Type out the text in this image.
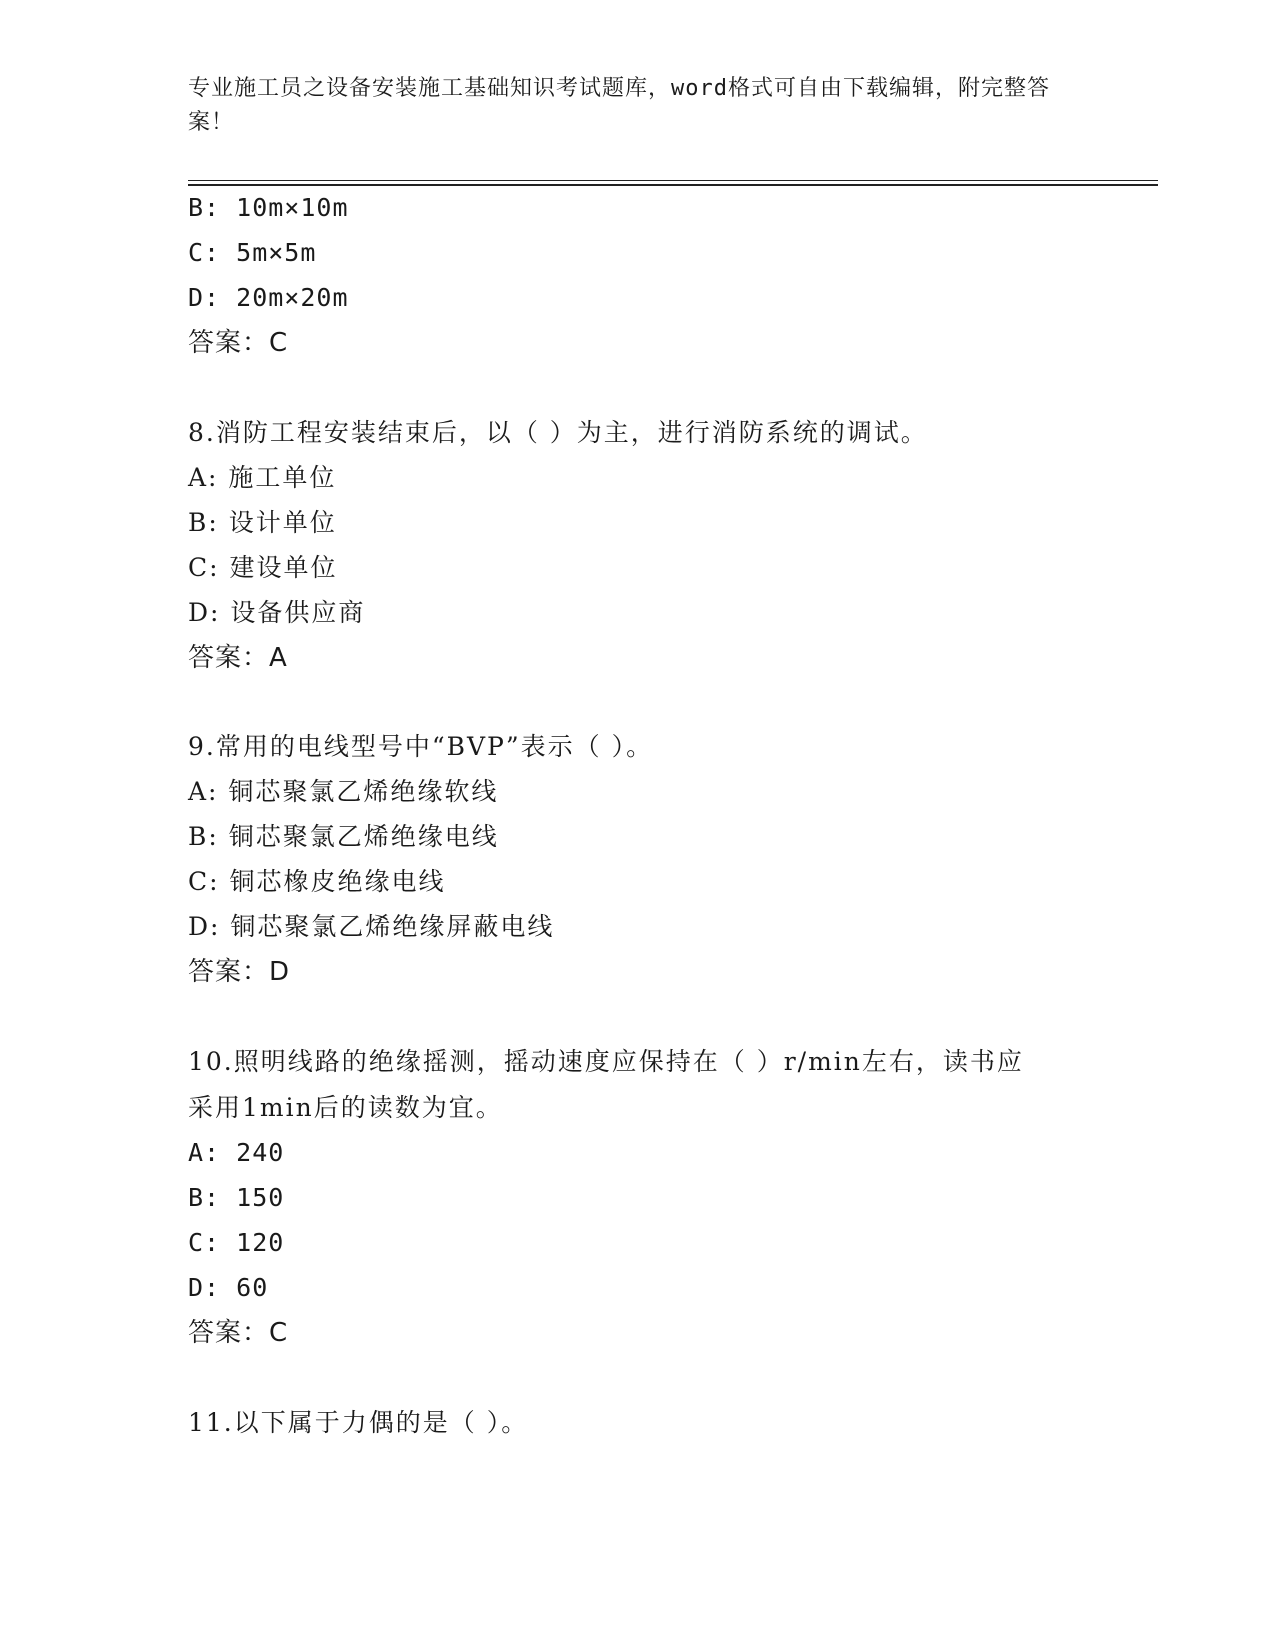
专业施工员之设备安装施工基础知识考试题库，word格式可自由下载编辑，附完整答案！
B: 10m×10m
C: 5m×5m
D: 20m×20m
答案：C
8.消防工程安装结束后，以（ ）为主，进行消防系统的调试。
A: 施工单位
B: 设计单位
C: 建设单位
D: 设备供应商
答案：A
9.常用的电线型号中“BVP”表示（ ）。
A: 铜芯聚氯乙烯绝缘软线
B: 铜芯聚氯乙烯绝缘电线
C: 铜芯橡皮绝缘电线
D: 铜芯聚氯乙烯绝缘屏蔽电线
答案：D
10.照明线路的绝缘摇测，摇动速度应保持在（ ）r/min左右，读书应
采用1min后的读数为宜。
A: 240
B: 150
C: 120
D: 60
答案：C
11.以下属于力偶的是（ ）。
